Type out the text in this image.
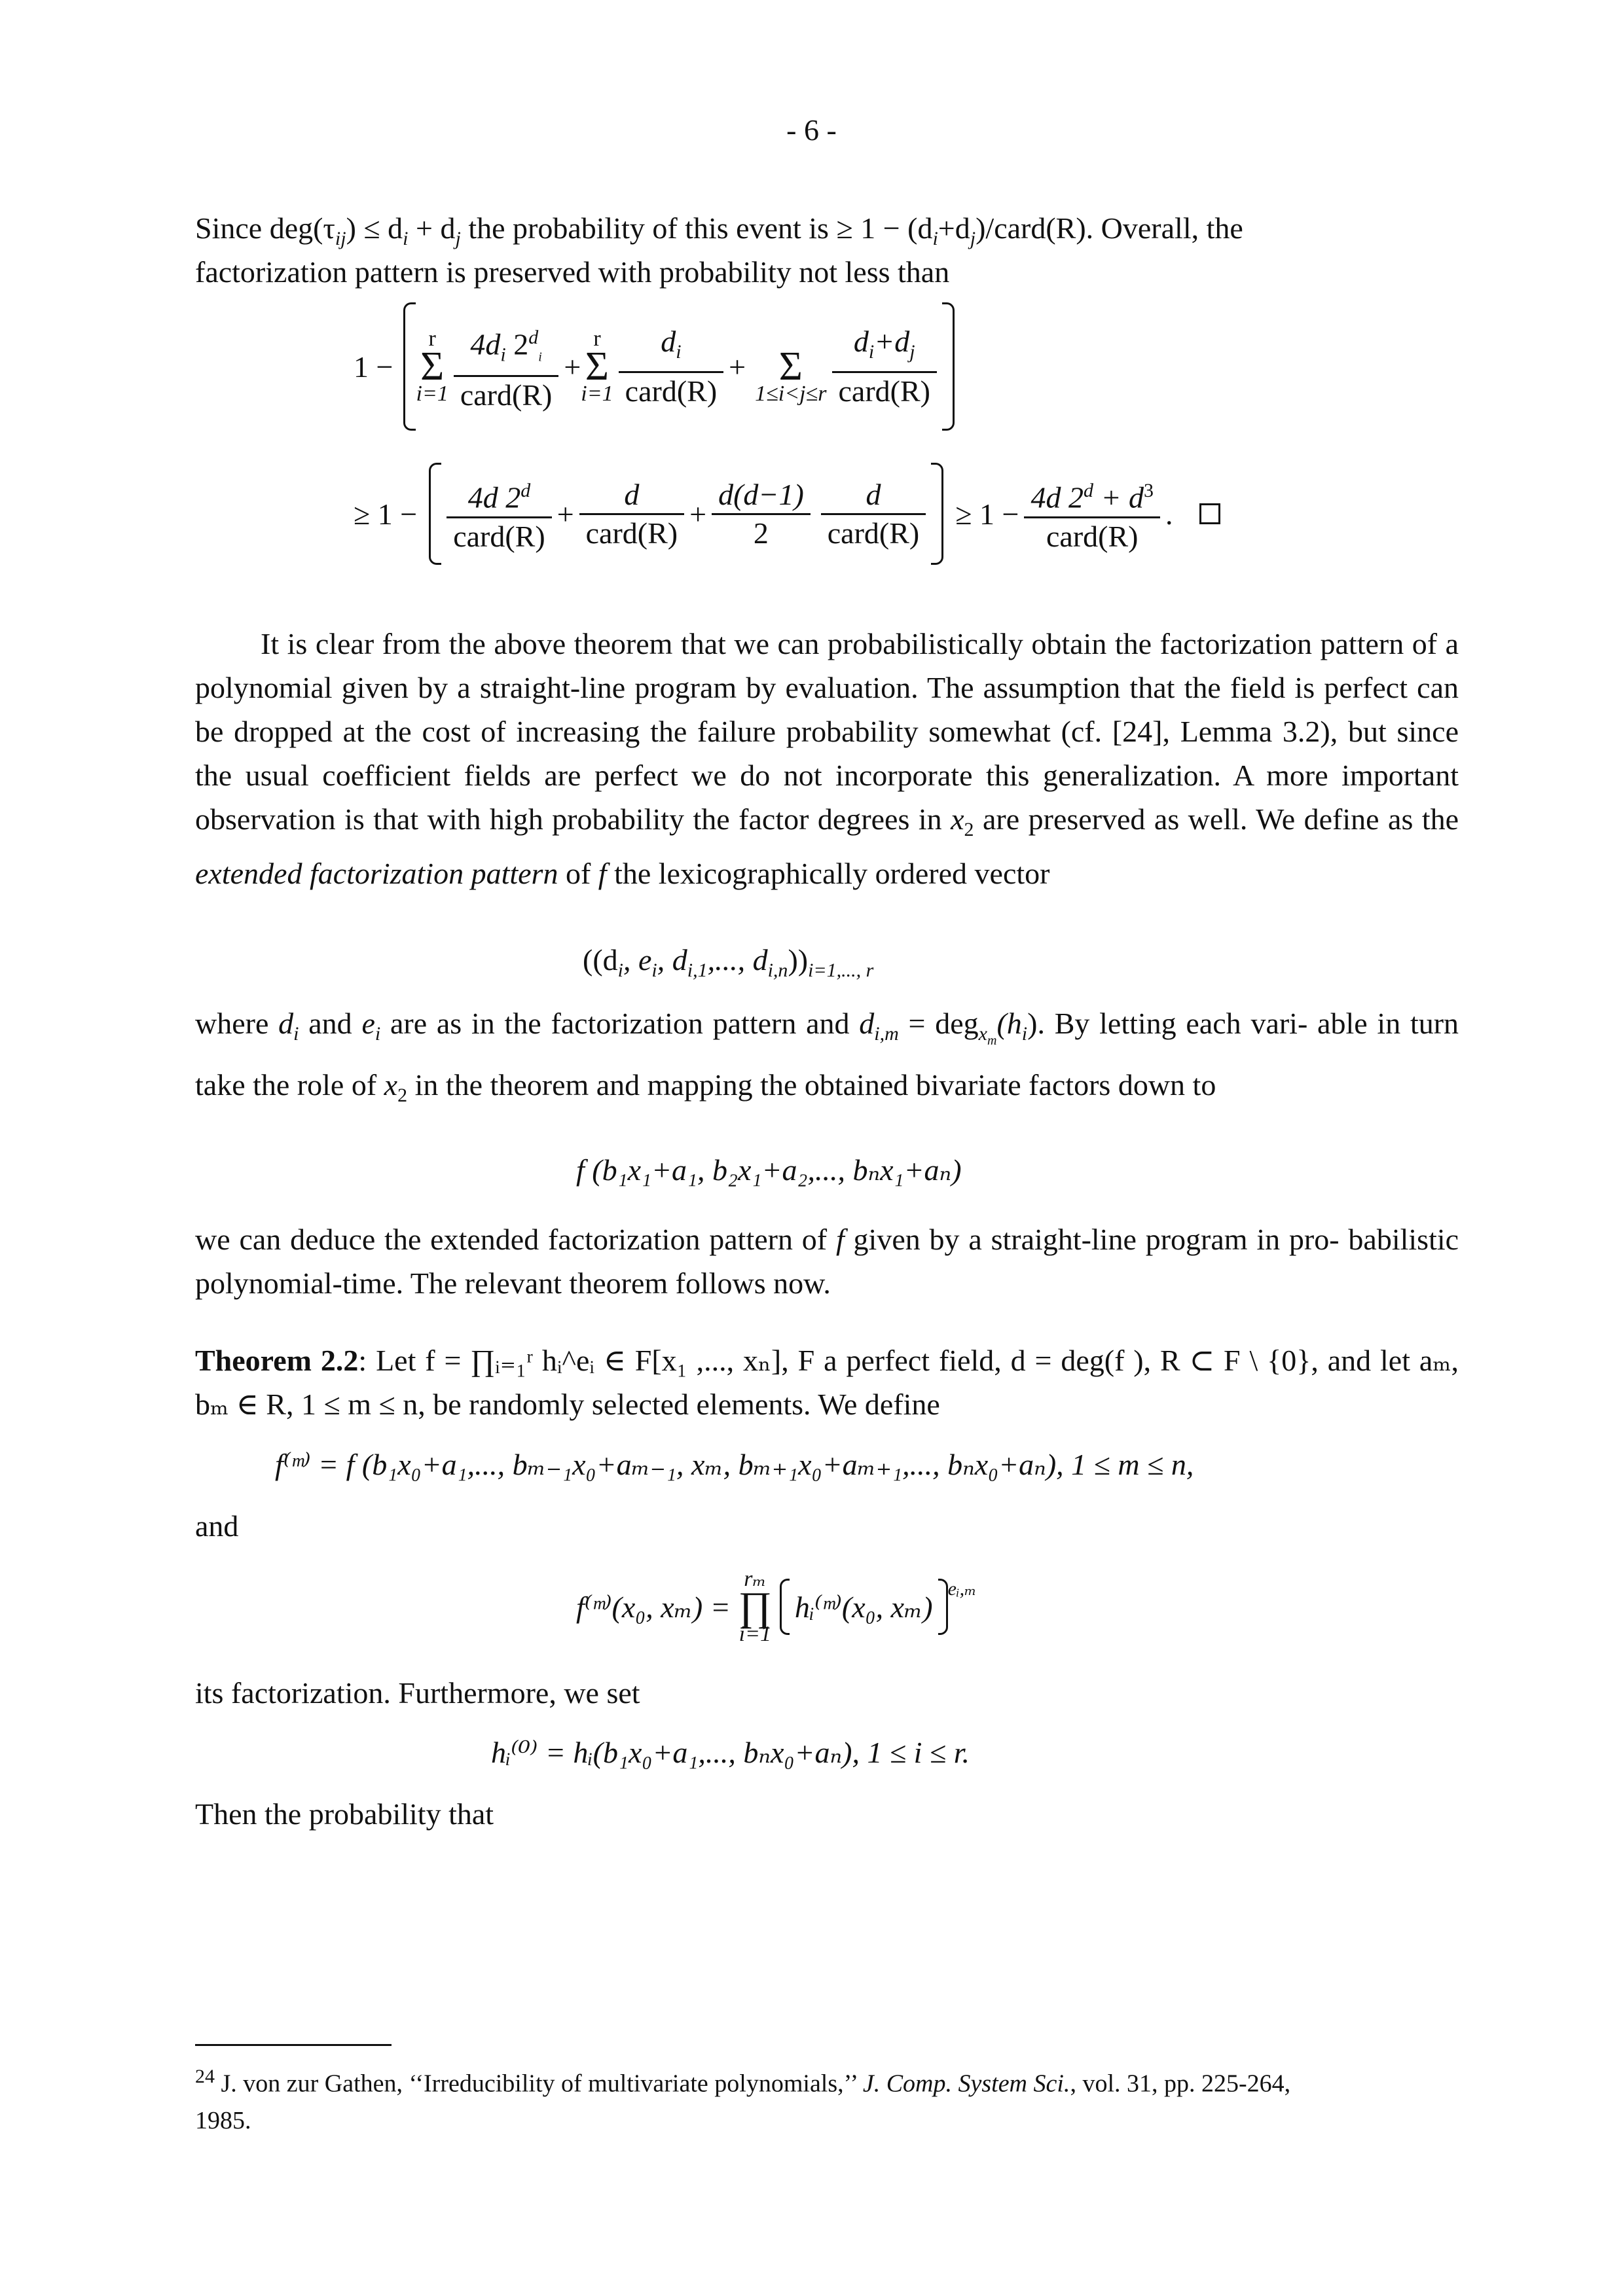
- 6 -
Since $deg(\tau_{ij}) \le d_i + d_j$ the probability of this event is ≥ $1 - (d_i+d_j)/card(R)$. Overall, the
factorization pattern is preserved with probability not less than
1 −
r
Σ
$i=1 \frac{4d_i 2^d_i}{\text{card(R)}}$ +
r
Σ
$i=1 \frac{d_i}{\text{card(R)}}$ +
Σ
$1\le i<j\le r \frac{d_i+d_j}{\text{card(R)}}$
≥ $1 - \frac{4d 2^d}{\text{card(R)}} + \frac{d}{\text{card(R)}} + \frac{d(d-1)}{2} \frac{d}{\text{card(R)}} \ge 1 - \frac{4d 2^d + d^3}{\text{card(R)}}$ .
It is clear from the above theorem that we can probabilistically obtain the factorization pattern of a polynomial given by a straight-line program by evaluation. The assumption that the field is perfect can be dropped at the cost of increasing the failure probability somewhat (cf. [24], Lemma 3.2), but since the usual coefficient fields are perfect we do not incorporate this generalization. A more important observation is that with high probability the factor degrees in $x_2$ are preserved as well. We define as the extended factorization pattern of f the lexicographically ordered vector
(($d_i$, $e_i$, $d_{i,1}$,..., $d_{i,n}))_{i=1,..., r}$
where $d_i$ and $e_i$ are as in the factorization pattern and $d_{i,m} = deg_{x_m}(h_i)$. By letting each vari- able in turn take the role of $x_2$ in the theorem and mapping the obtained bivariate factors down to
f (b₁x₁+a₁, b₂x₁+a₂,..., bₙx₁+aₙ)
we can deduce the extended factorization pattern of f given by a straight-line program in pro- babilistic polynomial-time. The relevant theorem follows now.
Theorem 2.2: Let f = ∏ᵢ₌₁ʳ hᵢ^eᵢ ∈ F[x₁ ,..., xₙ], F a perfect field, d = deg(f ), R ⊂ F \ {0}, and let aₘ, bₘ ∈ R, 1 ≤ m ≤ n, be randomly selected elements. We define
f⁽ᵐ⁾ = f (b₁x₀+a₁,..., bₘ₋₁x₀+aₘ₋₁, xₘ, bₘ₊₁x₀+aₘ₊₁,..., bₙx₀+aₙ), 1 ≤ m ≤ n,
and
f⁽ᵐ⁾(x₀, xₘ) =
rₘ
∏
i=1
hᵢ⁽ᵐ⁾(x₀, xₘ)
$^{eᵢ,_m}$
its factorization. Furthermore, we set
hᵢ⁽⁰⁾ = hᵢ(b₁x₀+a₁,..., bₙx₀+aₙ), 1 ≤ i ≤ r.
Then the probability that
$^{24}$ J. von zur Gathen, ‘‘Irreducibility of multivariate polynomials,’’ J. Comp. System Sci., vol. 31, pp. 225-264,
1985.
